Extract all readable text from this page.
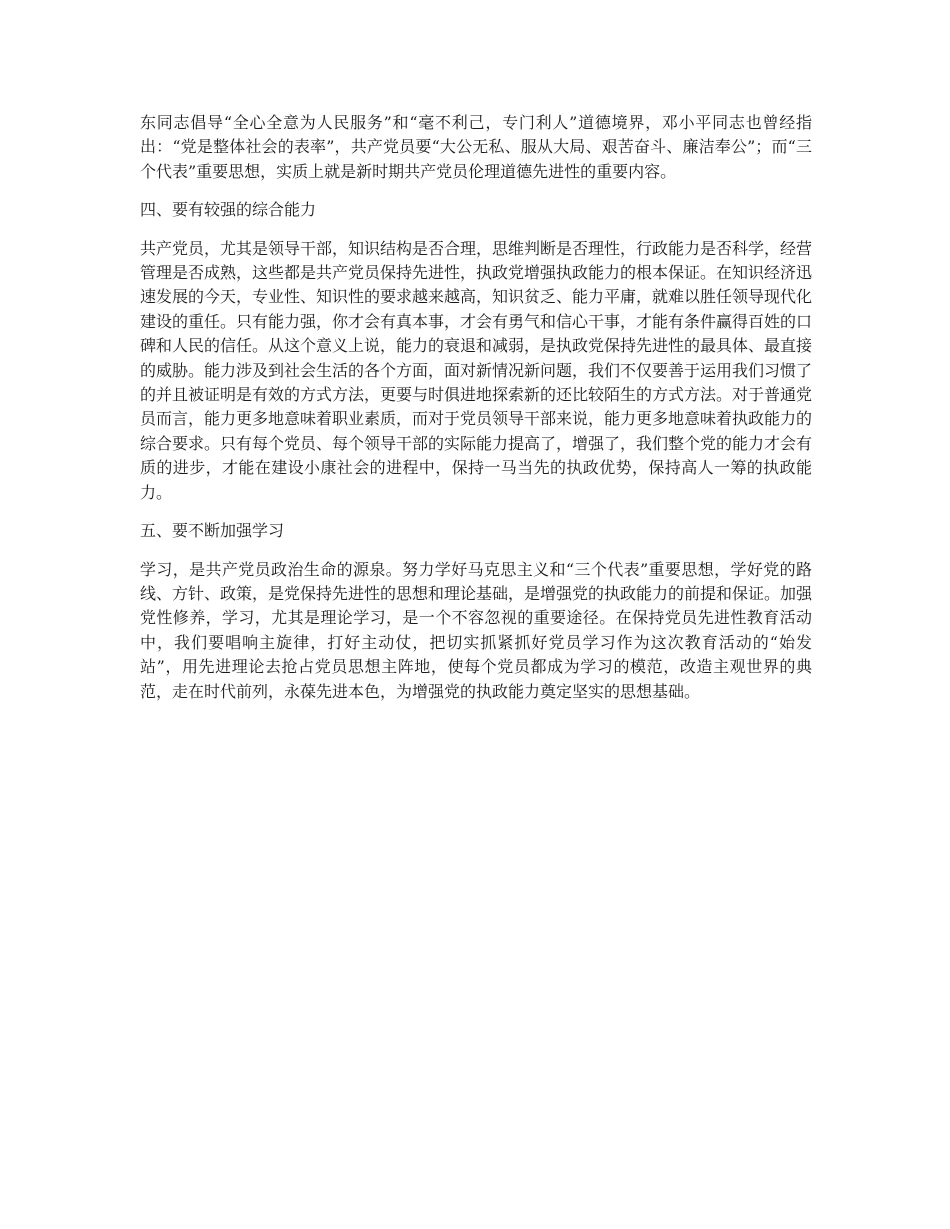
东同志倡导“全心全意为人民服务”和“毫不利己，专门利人”道德境界，邓小平同志也曾经指出：“党是整体社会的表率”，共产党员要“大公无私、服从大局、艰苦奋斗、廉洁奉公”；而“三个代表”重要思想，实质上就是新时期共产党员伦理道德先进性的重要内容。

四、要有较强的综合能力

共产党员，尤其是领导干部，知识结构是否合理，思维判断是否理性，行政能力是否科学，经营管理是否成熟，这些都是共产党员保持先进性，执政党增强执政能力的根本保证。在知识经济迅速发展的今天，专业性、知识性的要求越来越高，知识贫乏、能力平庸，就难以胜任领导现代化建设的重任。只有能力强，你才会有真本事，才会有勇气和信心干事，才能有条件赢得百姓的口碑和人民的信任。从这个意义上说，能力的衰退和减弱，是执政党保持先进性的最具体、最直接的威胁。能力涉及到社会生活的各个方面，面对新情况新问题，我们不仅要善于运用我们习惯了的并且被证明是有效的方式方法，更要与时俱进地探索新的还比较陌生的方式方法。对于普通党员而言，能力更多地意味着职业素质，而对于党员领导干部来说，能力更多地意味着执政能力的综合要求。只有每个党员、每个领导干部的实际能力提高了，增强了，我们整个党的能力才会有质的进步，才能在建设小康社会的进程中，保持一马当先的执政优势，保持高人一筹的执政能力。

五、要不断加强学习

学习，是共产党员政治生命的源泉。努力学好马克思主义和“三个代表”重要思想，学好党的路线、方针、政策，是党保持先进性的思想和理论基础，是增强党的执政能力的前提和保证。加强党性修养，学习，尤其是理论学习，是一个不容忽视的重要途径。在保持党员先进性教育活动中，我们要唱响主旋律，打好主动仗，把切实抓紧抓好党员学习作为这次教育活动的“始发站”，用先进理论去抢占党员思想主阵地，使每个党员都成为学习的模范，改造主观世界的典范，走在时代前列，永葆先进本色，为增强党的执政能力奠定坚实的思想基础。
